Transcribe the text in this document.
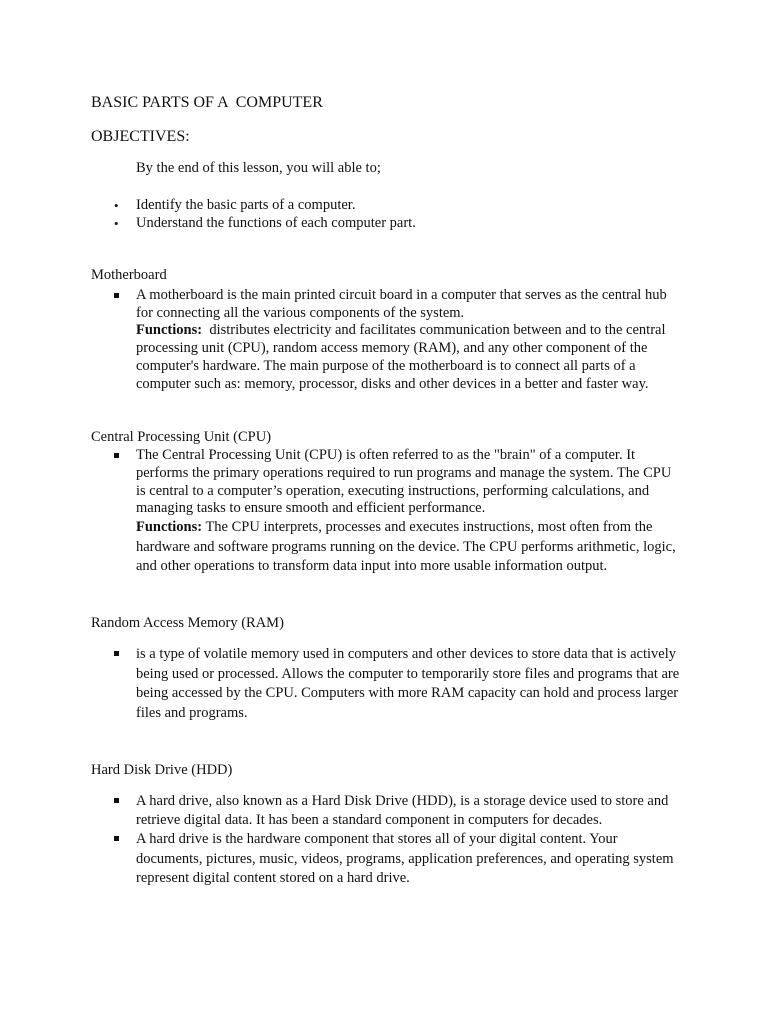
BASIC PARTS OF A  COMPUTER
OBJECTIVES:

By the end of this lesson, you will able to;

• Identify the basic parts of a computer.
• Understand the functions of each computer part.
Motherboard
A motherboard is the main printed circuit board in a computer that serves as the central hub for connecting all the various components of the system.
Functions:  distributes electricity and facilitates communication between and to the central processing unit (CPU), random access memory (RAM), and any other component of the computer's hardware. The main purpose of the motherboard is to connect all parts of a computer such as: memory, processor, disks and other devices in a better and faster way.
Central Processing Unit (CPU)
The Central Processing Unit (CPU) is often referred to as the "brain" of a computer. It performs the primary operations required to run programs and manage the system. The CPU is central to a computer’s operation, executing instructions, performing calculations, and managing tasks to ensure smooth and efficient performance.
Functions: The CPU interprets, processes and executes instructions, most often from the hardware and software programs running on the device. The CPU performs arithmetic, logic, and other operations to transform data input into more usable information output.
Random Access Memory (RAM)
is a type of volatile memory used in computers and other devices to store data that is actively being used or processed. Allows the computer to temporarily store files and programs that are being accessed by the CPU. Computers with more RAM capacity can hold and process larger files and programs.
Hard Disk Drive (HDD)
A hard drive, also known as a Hard Disk Drive (HDD), is a storage device used to store and retrieve digital data. It has been a standard component in computers for decades.
A hard drive is the hardware component that stores all of your digital content. Your documents, pictures, music, videos, programs, application preferences, and operating system represent digital content stored on a hard drive.
